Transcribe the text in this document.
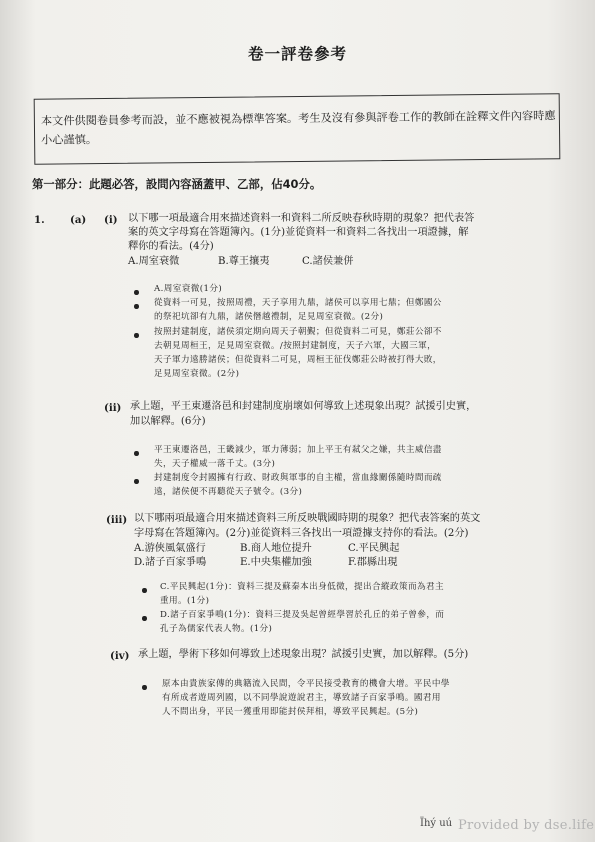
卷一評卷參考

本文件供閱卷員參考而設，並不應被視為標準答案。考生及沒有參與評卷工作的教師在詮釋文件內容時應小心謹慎。

第一部分：此題必答，設問內容涵蓋甲、乙部，佔40分。
1. (a) (i) 以下哪一項最適合用來描述資料一和資料二所反映春秋時期的現象？把代表答
案的英文字母寫在答題簿內。(1分)並從資料一和資料二各找出一項證據，解
釋你的看法。(4分)
A.周室衰微	B.尊王攘夷	C.諸侯兼併
A.周室衰微(1分)
從資料一可見，按照周禮，天子享用九鼎，諸侯可以享用七鼎；但鄭國公
的祭祀坑卻有九鼎，諸侯僭越禮制，足見周室衰微。(2分)
按照封建制度，諸侯須定期向周天子朝覲；但從資料二可見，鄭莊公卻不
去朝見周桓王，足見周室衰微。/按照封建制度，天子六軍，大國三軍，
天子軍力遠勝諸侯；但從資料二可見，周桓王征伐鄭莊公時被打得大敗，
足見周室衰微。(2分)
(ii) 承上題，平王東遷洛邑和封建制度崩壞如何導致上述現象出現？試援引史實，
加以解釋。(6分)
平王東遷洛邑，王畿減少，軍力薄弱；加上平王有弒父之嫌，共主威信盡
失，天子權威一落千丈。(3分)
封建制度令封國擁有行政、財政與軍事的自主權，當血緣關係隨時間而疏
遠，諸侯便不再聽從天子號令。(3分)
(iii) 以下哪兩項最適合用來描述資料三所反映戰國時期的現象？把代表答案的英文
字母寫在答題簿內。(2分)並從資料三各找出一項證據支持你的看法。(2分)
A.游俠風氣盛行	B.商人地位提升	C.平民興起
D.諸子百家爭鳴	E.中央集權加強	F.郡縣出現
C.平民興起(1分)：資料三提及蘇秦本出身低微，提出合縱政策而為君主
重用。(1分)
D.諸子百家爭鳴(1分)：資料三提及吳起曾經學習於孔丘的弟子曾參，而
孔子為儒家代表人物。(1分)
(iv) 承上題，學術下移如何導致上述現象出現？試援引史實，加以解釋。(5分)
原本由貴族家傳的典籍流入民間，令平民接受教育的機會大增。平民中學
有所成者遊周列國，以不同學說遊說君主，導致諸子百家爭鳴。國君用
人不問出身，平民一獲重用即能封侯拜相，導致平民興起。(5分)
Ïhý uú Provided by dse.life
